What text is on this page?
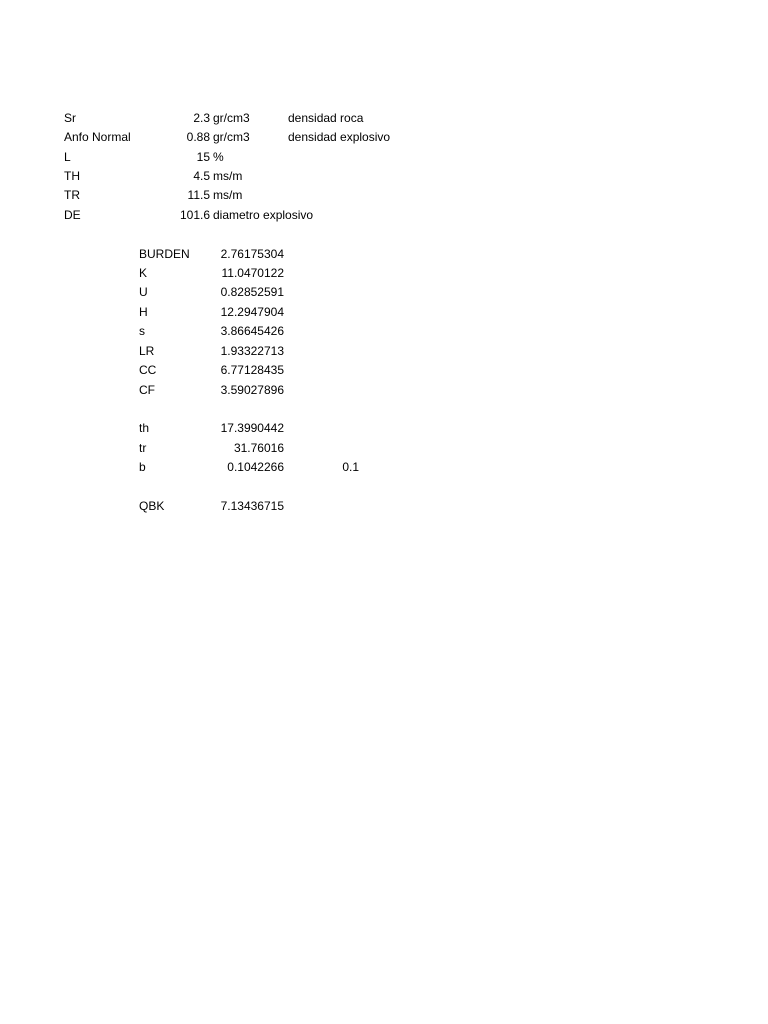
Sr	2.3 gr/cm3	densidad roca
Anfo Normal	0.88 gr/cm3	densidad explosivo
L	15 %
TH	4.5 ms/m
TR	11.5 ms/m
DE	101.6 diametro explosivo
BURDEN	2.76175304
K	11.0470122
U	0.82852591
H	12.2947904
s	3.86645426
LR	1.93322713
CC	6.77128435
CF	3.59027896
th	17.3990442
tr	31.76016
b	0.1042266	0.1
QBK	7.13436715
